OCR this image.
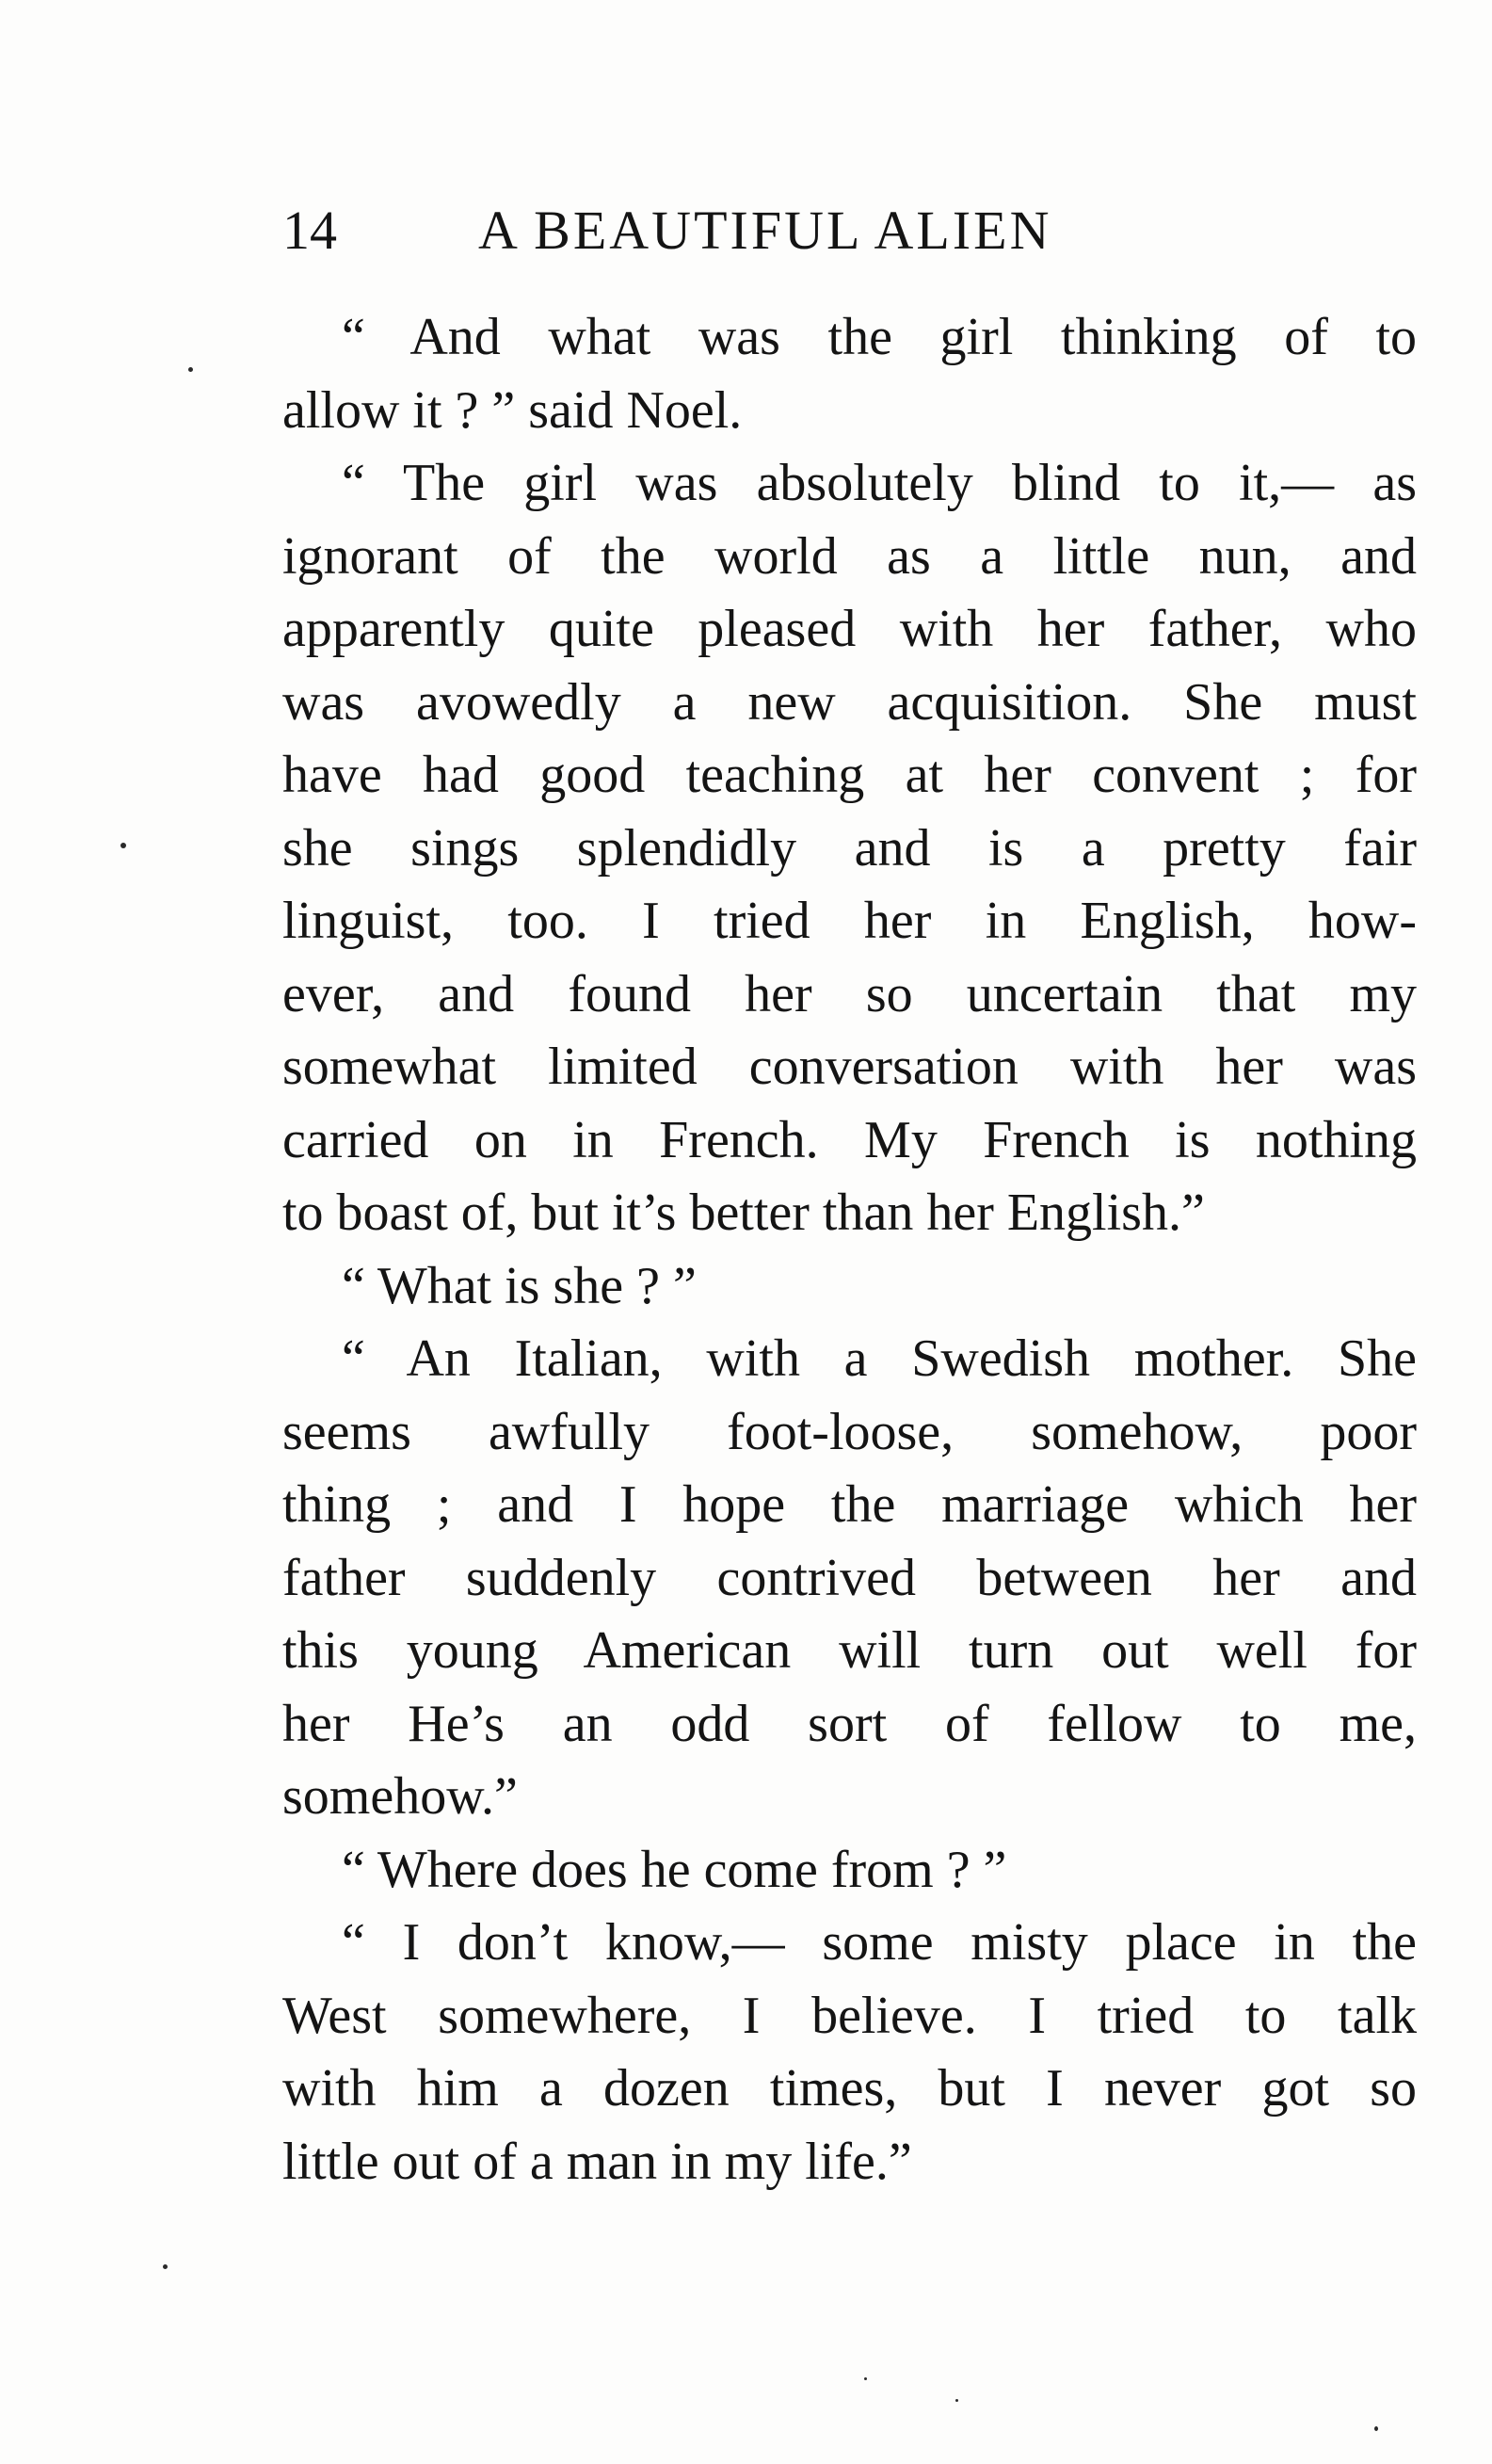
14	A BEAUTIFUL ALIEN
“ And what was the girl thinking of to
allow it ? ” said Noel.
“ The girl was absolutely blind to it,— as
ignorant of the world as a little nun, and
apparently quite pleased with her father, who
was avowedly a new acquisition. She must
have had good teaching at her convent ; for
she sings splendidly and is a pretty fair
linguist, too. I tried her in English, how-
ever, and found her so uncertain that my
somewhat limited conversation with her was
carried on in French. My French is nothing
to boast of, but it’s better than her English.”
“ What is she ? ”
“ An Italian, with a Swedish mother. She
seems awfully foot-loose, somehow, poor
thing ; and I hope the marriage which her
father suddenly contrived between her and
this young American will turn out well for
her He’s an odd sort of fellow to me,
somehow.”
“ Where does he come from ? ”
“ I don’t know,— some misty place in the
West somewhere, I believe. I tried to talk
with him a dozen times, but I never got so
little out of a man in my life.”
